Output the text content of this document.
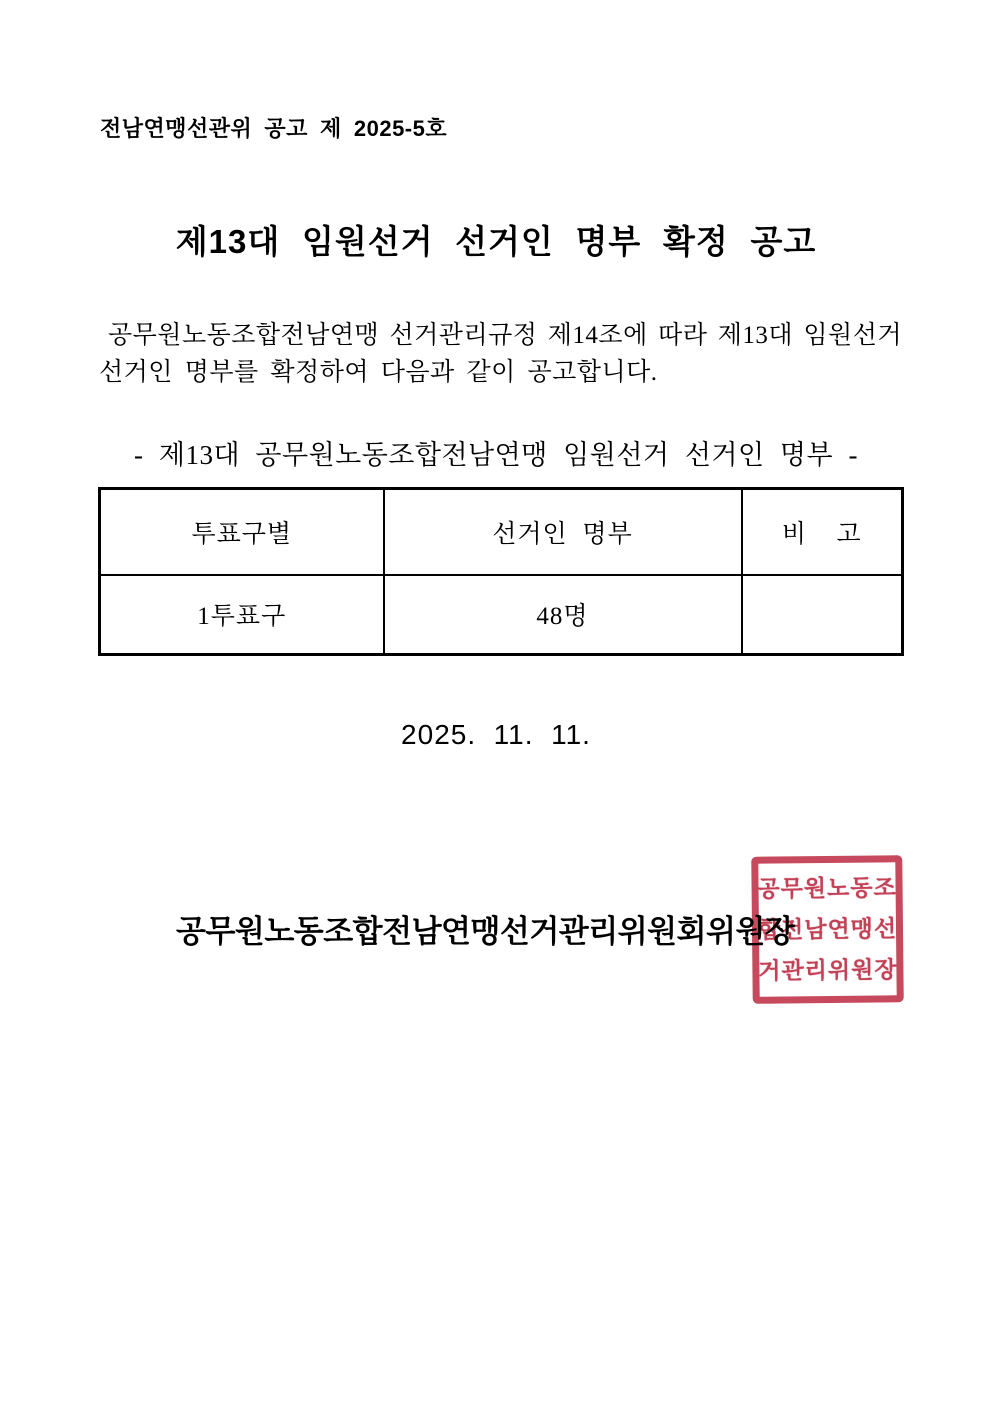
전남연맹선관위 공고 제 2025-5호
제13대 임원선거 선거인 명부 확정 공고
공무원노동조합전남연맹 선거관리규정 제14조에 따라 제13대 임원선거
선거인 명부를 확정하여 다음과 같이 공고합니다.
- 제13대 공무원노동조합전남연맹 임원선거 선거인 명부 -
투표구별	선거인 명부	비  고
1투표구	48명	
2025.  11.  11.
공무원노동조합전남연맹선거관리위원회위원장
공무원노동조
합전남연맹선
거관리위원장
